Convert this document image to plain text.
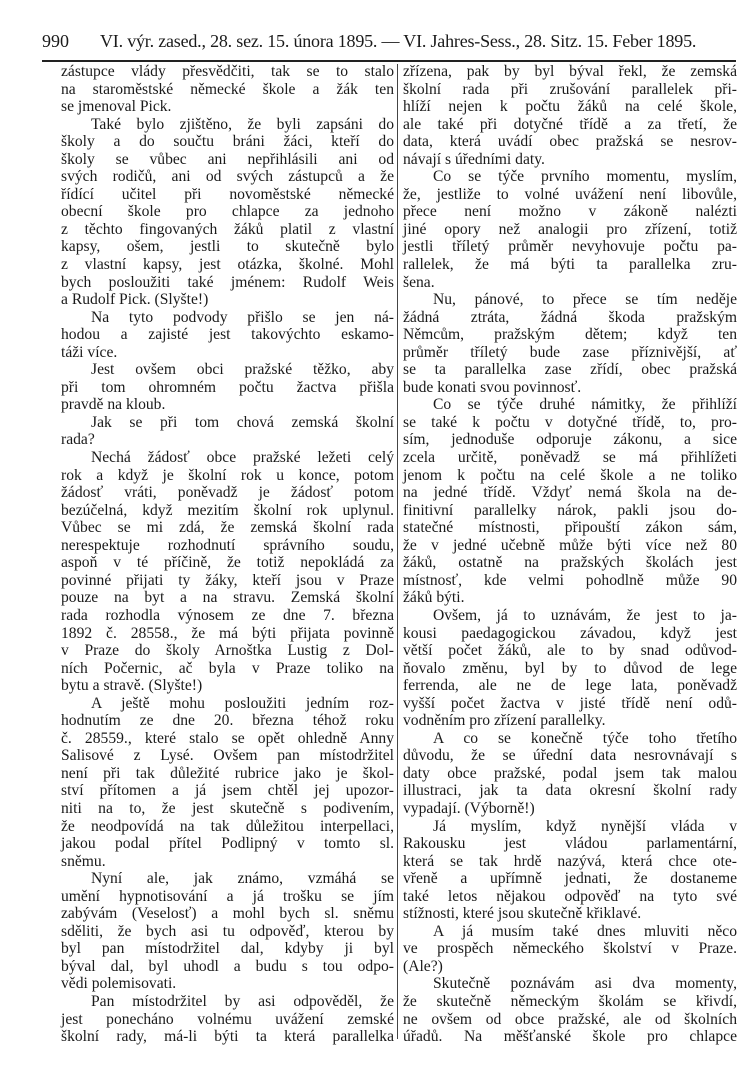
990 VI. výr. zased., 28. sez. 15. února 1895. — VI. Jahres-Sess., 28. Sitz. 15. Feber 1895.
zástupce vlády přesvědčiti, tak se to stalo
na staroměstské německé škole a žák ten
se jmenoval Pick.
Také bylo zjištěno, že byli zapsáni do
školy a do součtu bráni žáci, kteří do
školy se vůbec ani nepřihlásili ani od
svých rodičů, ani od svých zástupců a že
řídící učitel při novoměstské německé
obecní škole pro chlapce za jednoho
z těchto fingovaných žáků platil z vlastní
kapsy, ošem, jestli to skutečně bylo
z vlastní kapsy, jest otázka, školné. Mohl
bych posloužiti také jménem: Rudolf Weis
a Rudolf Pick. (Slyšte!)
Na tyto podvody přišlo se jen ná-
hodou a zajisté jest takovýchto eskamo-
táži více.
Jest ovšem obci pražské těžko, aby
při tom ohromném počtu žactva přišla
pravdě na kloub.
Jak se při tom chová zemská školní
rada?
Nechá žádosť obce pražské ležeti celý
rok a když je školní rok u konce, potom
žádosť vráti, poněvadž je žádosť potom
bezúčelná, když mezitím školní rok uplynul.
Vůbec se mi zdá, že zemská školní rada
nerespektuje rozhodnutí správního soudu,
aspoň v té příčině, že totiž nepokládá za
povinné přijati ty žáky, kteří jsou v Praze
pouze na byt a na stravu. Zemská školní
rada rozhodla výnosem ze dne 7. března
1892 č. 28558., že má býti přijata povinně
v Praze do školy Arnoštka Lustig z Dol-
ních Počernic, ač byla v Praze toliko na
bytu a stravě. (Slyšte!)
A ještě mohu posloužiti jedním roz-
hodnutím ze dne 20. března téhož roku
č. 28559., které stalo se opět ohledně Anny
Salisové z Lysé. Ovšem pan místodržitel
není při tak důležité rubrice jako je škol-
ství přítomen a já jsem chtěl jej upozor-
niti na to, že jest skutečně s podivením,
že neodpovídá na tak důležitou interpellaci,
jakou podal přítel Podlipný v tomto sl.
sněmu.
Nyní ale, jak známo, vzmáhá se
umění hypnotisování a já trošku se jím
zabývám (Veselosť) a mohl bych sl. sněmu
sděliti, že bych asi tu odpověď, kterou by
byl pan místodržitel dal, kdyby ji byl
býval dal, byl uhodl a budu s tou odpo-
vědi polemisovati.
Pan místodržitel by asi odpověděl, že
jest ponecháno volnému uvážení zemské
školní rady, má-li býti ta která parallelka
zřízena, pak by byl býval řekl, že zemská
školní rada při zrušování parallelek při-
hlíží nejen k počtu žáků na celé škole,
ale také při dotyčné třídě a za třetí, že
data, která uvádí obec pražská se nesrov-
návají s úředními daty.
Co se týče prvního momentu, myslím,
že, jestliže to volné uvážení není libovůle,
přece není možno v zákoně nalézti
jiné opory než analogii pro zřízení, totiž
jestli tříletý průměr nevyhovuje počtu pa-
rallelek, že má býti ta parallelka zru-
šena.
Nu, pánové, to přece se tím neděje
žádná ztráta, žádná škoda pražským
Němcům, pražským dětem; když ten
průměr tříletý bude zase příznivější, ať
se ta parallelka zase zřídí, obec pražská
bude konati svou povinnosť.
Co se týče druhé námitky, že přihlíží
se také k počtu v dotyčné třídě, to, pro-
sím, jednoduše odporuje zákonu, a sice
zcela určitě, poněvadž se má přihlížeti
jenom k počtu na celé škole a ne toliko
na jedné třídě. Vždyť nemá škola na de-
finitivní parallelky nárok, pakli jsou do-
statečné místnosti, připouští zákon sám,
že v jedné učebně může býti více než 80
žáků, ostatně na pražských školách jest
místnosť, kde velmi pohodlně může 90
žáků býti.
Ovšem, já to uznávám, že jest to ja-
kousi paedagogickou závadou, když jest
větší počet žáků, ale to by snad odůvod-
ňovalo změnu, byl by to důvod de lege
ferrenda, ale ne de lege lata, poněvadž
vyšší počet žactva v jisté třídě není odů-
vodněním pro zřízení parallelky.
A co se konečně týče toho třetího
důvodu, že se úřední data nesrovnávají s
daty obce pražské, podal jsem tak malou
illustraci, jak ta data okresní školní rady
vypadají. (Výborně!)
Já myslím, když nynější vláda v
Rakousku jest vládou parlamentární,
která se tak hrdě nazývá, která chce ote-
vřeně a upřímně jednati, že dostaneme
také letos nějakou odpověď na tyto své
stížnosti, které jsou skutečně křiklavé.
A já musím také dnes mluviti něco
ve prospěch německého školství v Praze.
(Ale?)
Skutečně poznávám asi dva momenty,
že skutečně německým školám se křivdí,
ne ovšem od obce pražské, ale od školních
úřadů. Na měšťanské škole pro chlapce
